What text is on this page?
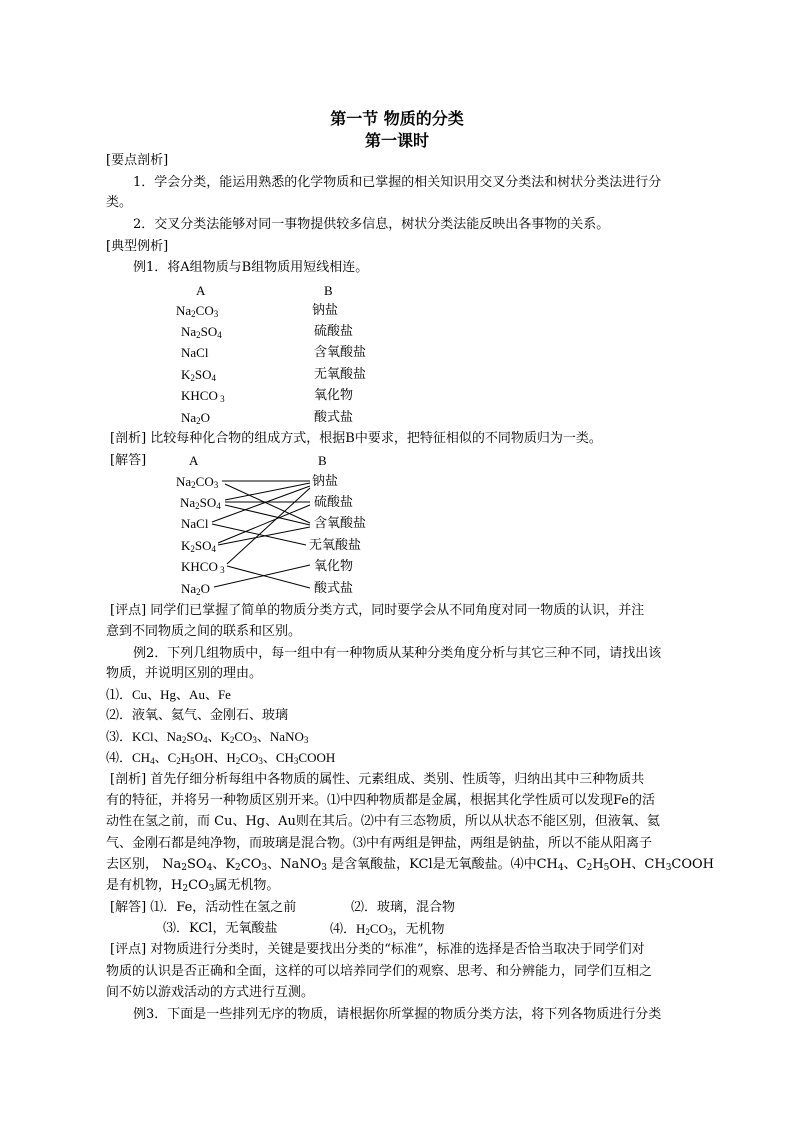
第一节 物质的分类
第一课时
[要点剖析]
1．学会分类，能运用熟悉的化学物质和已掌握的相关知识用交叉分类法和树状分类法进行分
类。
2．交叉分类法能够对同一事物提供较多信息，树状分类法能反映出各事物的关系。
[典型例析]
例1．将A组物质与B组物质用短线相连。
A	B
$Na_2CO_3$
$Na_2SO_4$
NaCl
$K_2SO_4$
KHCO $_3$
$Na_2O$
钠盐
硫酸盐
含氧酸盐
无氧酸盐
氧化物
酸式盐
[剖析] 比较每种化合物的组成方式，根据B中要求，把特征相似的不同物质归为一类。
[解答]	A	B
$Na_2CO_3$
$Na_2SO_4$
NaCl
$K_2SO_4$
KHCO $_3$
$Na_2O$
钠盐
硫酸盐
含氧酸盐
无氧酸盐
氧化物
酸式盐
[评点] 同学们已掌握了简单的物质分类方式，同时要学会从不同角度对同一物质的认识，并注
意到不同物质之间的联系和区别。
例2．下列几组物质中，每一组中有一种物质从某种分类角度分析与其它三种不同，请找出该
物质，并说明区别的理由。
⑴．Cu、Hg、Au、Fe
⑵．液氧、氦气、金刚石、玻璃
⑶．KCl、$Na_2SO_4$、$K_2CO_3$、NaNO$_3$
⑷．$CH_4$、$C_2H_5OH$、$H_2CO_3$、$CH_3COOH$
[剖析] 首先仔细分析每组中各物质的属性、元素组成、类别、性质等，归纳出其中三种物质共
有的特征，并将另一种物质区别开来。⑴中四种物质都是金属，根据其化学性质可以发现Fe的活
动性在氢之前，而 Cu、Hg、Au则在其后。⑵中有三态物质，所以从状态不能区别，但液氧、氦
气、金刚石都是纯净物，而玻璃是混合物。⑶中有两组是钾盐，两组是钠盐，所以不能从阳离子
去区别， $Na_2SO_4$、$K_2CO_3$、NaNO$_3$ 是含氧酸盐，KCl是无氧酸盐。⑷中$CH_4$、$C_2H_5OH$、$CH_3COOH$
是有机物，$H_2CO_3$属无机物。
[解答] ⑴．Fe，活动性在氢之前	⑵．玻璃，混合物
⑶．KCl，无氧酸盐	⑷．$H_2CO_3$，无机物
[评点] 对物质进行分类时，关键是要找出分类的“标准”，标准的选择是否恰当取决于同学们对
物质的认识是否正确和全面，这样的可以培养同学们的观察、思考、和分辨能力，同学们互相之
间不妨以游戏活动的方式进行互测。
例3．下面是一些排列无序的物质，请根据你所掌握的物质分类方法，将下列各物质进行分类
